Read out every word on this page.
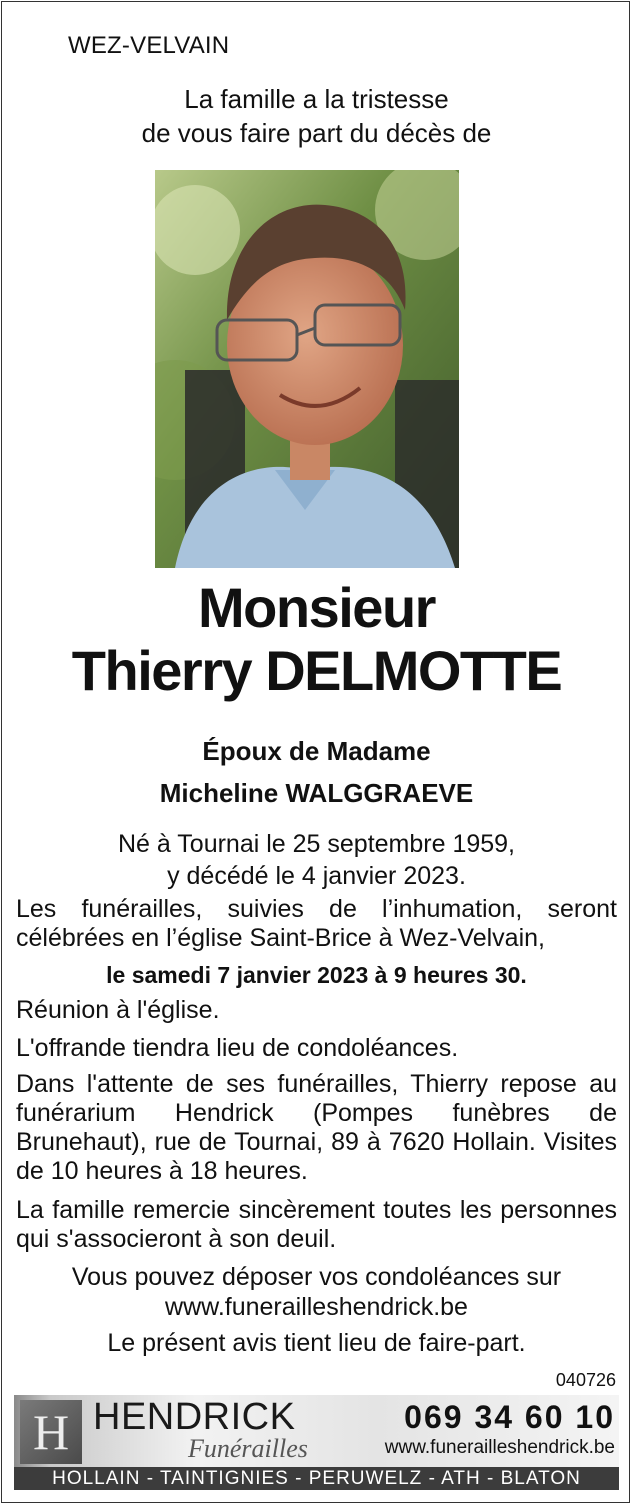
WEZ-VELVAIN
La famille a la tristesse
de vous faire part du décès de
Monsieur
Thierry DELMOTTE
Époux de Madame
Micheline WALGGRAEVE
Né à Tournai le 25 septembre 1959,
y décédé le 4 janvier 2023.
Les funérailles, suivies de l’inhumation, seront célébrées en l’église Saint-Brice à Wez-Velvain,
le samedi 7 janvier 2023 à 9 heures 30.
Réunion à l'église.
L'offrande tiendra lieu de condoléances.
Dans l'attente de ses funérailles, Thierry repose au funérarium Hendrick (Pompes funèbres de Brunehaut), rue de Tournai, 89 à 7620 Hollain. Visites de 10 heures à 18 heures.
La famille remercie sincèrement toutes les personnes qui s'associeront à son deuil.
Vous pouvez déposer vos condoléances sur
www.funerailleshendrick.be
Le présent avis tient lieu de faire-part.
040726
H HENDRICK
Funérailles
069 34 60 10
www.funerailleshendrick.be
HOLLAIN - TAINTIGNIES - PERUWELZ - ATH - BLATON
